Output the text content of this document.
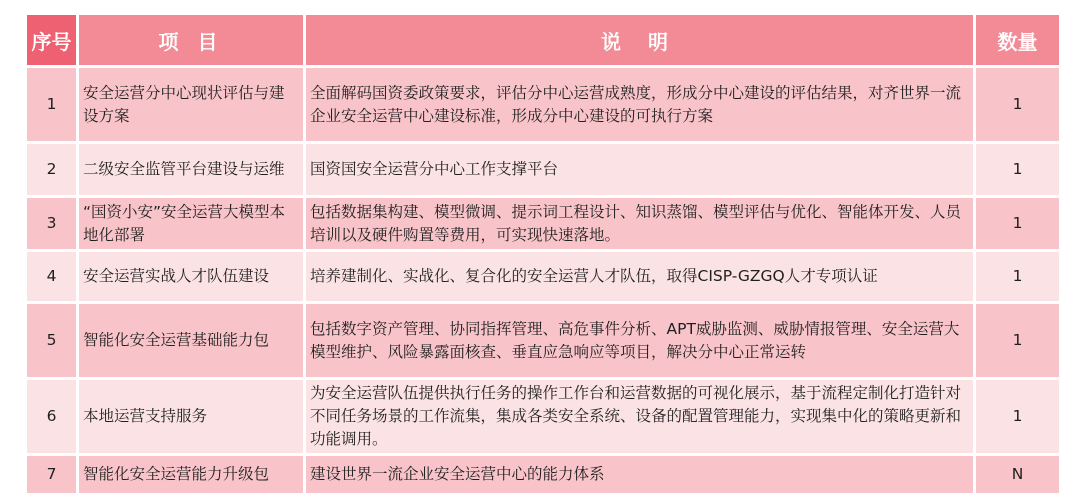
序号	项 目	说 明	数量
1	安全运营分中心现状评估与建设方案	全面解码国资委政策要求，评估分中心运营成熟度，形成分中心建设的评估结果，对齐世界一流企业安全运营中心建设标准，形成分中心建设的可执行方案	1
2	二级安全监管平台建设与运维	国资国安全运营分中心工作支撑平台	1
3	“国资小安”安全运营大模型本地化部署	包括数据集构建、模型微调、提示词工程设计、知识蒸馏、模型评估与优化、智能体开发、人员培训以及硬件购置等费用，可实现快速落地。	1
4	安全运营实战人才队伍建设	培养建制化、实战化、复合化的安全运营人才队伍，取得CISP-GZGQ人才专项认证	1
5	智能化安全运营基础能力包	包括数字资产管理、协同指挥管理、高危事件分析、APT威胁监测、威胁情报管理、安全运营大模型维护、风险暴露面核查、垂直应急响应等项目，解决分中心正常运转	1
6	本地运营支持服务	为安全运营队伍提供执行任务的操作工作台和运营数据的可视化展示，基于流程定制化打造针对不同任务场景的工作流集，集成各类安全系统、设备的配置管理能力，实现集中化的策略更新和功能调用。	1
7	智能化安全运营能力升级包	建设世界一流企业安全运营中心的能力体系	N
